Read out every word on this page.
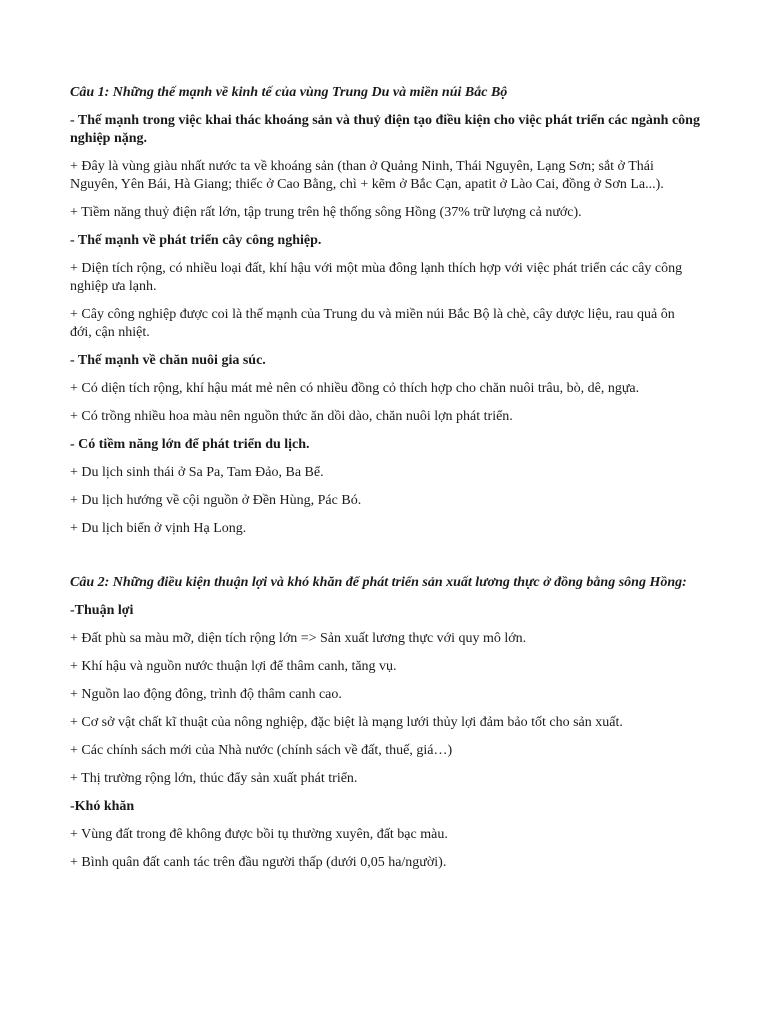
Câu 1: Những thế mạnh về kinh tế của vùng Trung Du và miền núi Bắc Bộ

- Thế mạnh trong việc khai thác khoáng sản và thuỷ điện tạo điều kiện cho việc phát triển các ngành công nghiệp nặng.

+ Đây là vùng giàu nhất nước ta về khoáng sản (than ở Quảng Ninh, Thái Nguyên, Lạng Sơn; sắt ở Thái Nguyên, Yên Bái, Hà Giang; thiếc ở Cao Bằng, chì + kẽm ở Bắc Cạn, apatit ở Lào Cai, đồng ở Sơn La...).

+ Tiềm năng thuỷ điện rất lớn, tập trung trên hệ thống sông Hồng (37% trữ lượng cả nước).

- Thế mạnh về phát triển cây công nghiệp.

+ Diện tích rộng, có nhiều loại đất, khí hậu với một mùa đông lạnh thích hợp với việc phát triển các cây công nghiệp ưa lạnh.

+ Cây công nghiệp được coi là thế mạnh của Trung du và miền núi Bắc Bộ là chè, cây dược liệu, rau quả ôn đới, cận nhiệt.

- Thế mạnh về chăn nuôi gia súc.

+ Có diện tích rộng, khí hậu mát mẻ nên có nhiều đồng cỏ thích hợp cho chăn nuôi trâu, bò, dê, ngựa.

+ Có trồng nhiều hoa màu nên nguồn thức ăn dồi dào, chăn nuôi lợn phát triển.

- Có tiềm năng lớn để phát triển du lịch.

+ Du lịch sinh thái ở Sa Pa, Tam Đảo, Ba Bể.

+ Du lịch hướng về cội nguồn ở Đền Hùng, Pác Bó.

+ Du lịch biển ở vịnh Hạ Long.

Câu 2: Những điều kiện thuận lợi và khó khăn để phát triển sản xuất lương thực ở đồng bằng sông Hồng:

-Thuận lợi

+ Đất phù sa màu mỡ, diện tích rộng lớn => Sản xuất lương thực với quy mô lớn.

+ Khí hậu và nguồn nước thuận lợi để thâm canh, tăng vụ.

+ Nguồn lao động đông, trình độ thâm canh cao.

+ Cơ sở vật chất kĩ thuật của nông nghiệp, đặc biệt là mạng lưới thủy lợi đảm bảo tốt cho sản xuất.

+ Các chính sách mới của Nhà nước (chính sách về đất, thuế, giá…)

+ Thị trường rộng lớn, thúc đẩy sản xuất phát triển.

-Khó khăn

+ Vùng đất trong đê không được bồi tụ thường xuyên, đất bạc màu.

+ Bình quân đất canh tác trên đầu người thấp (dưới 0,05 ha/người).
